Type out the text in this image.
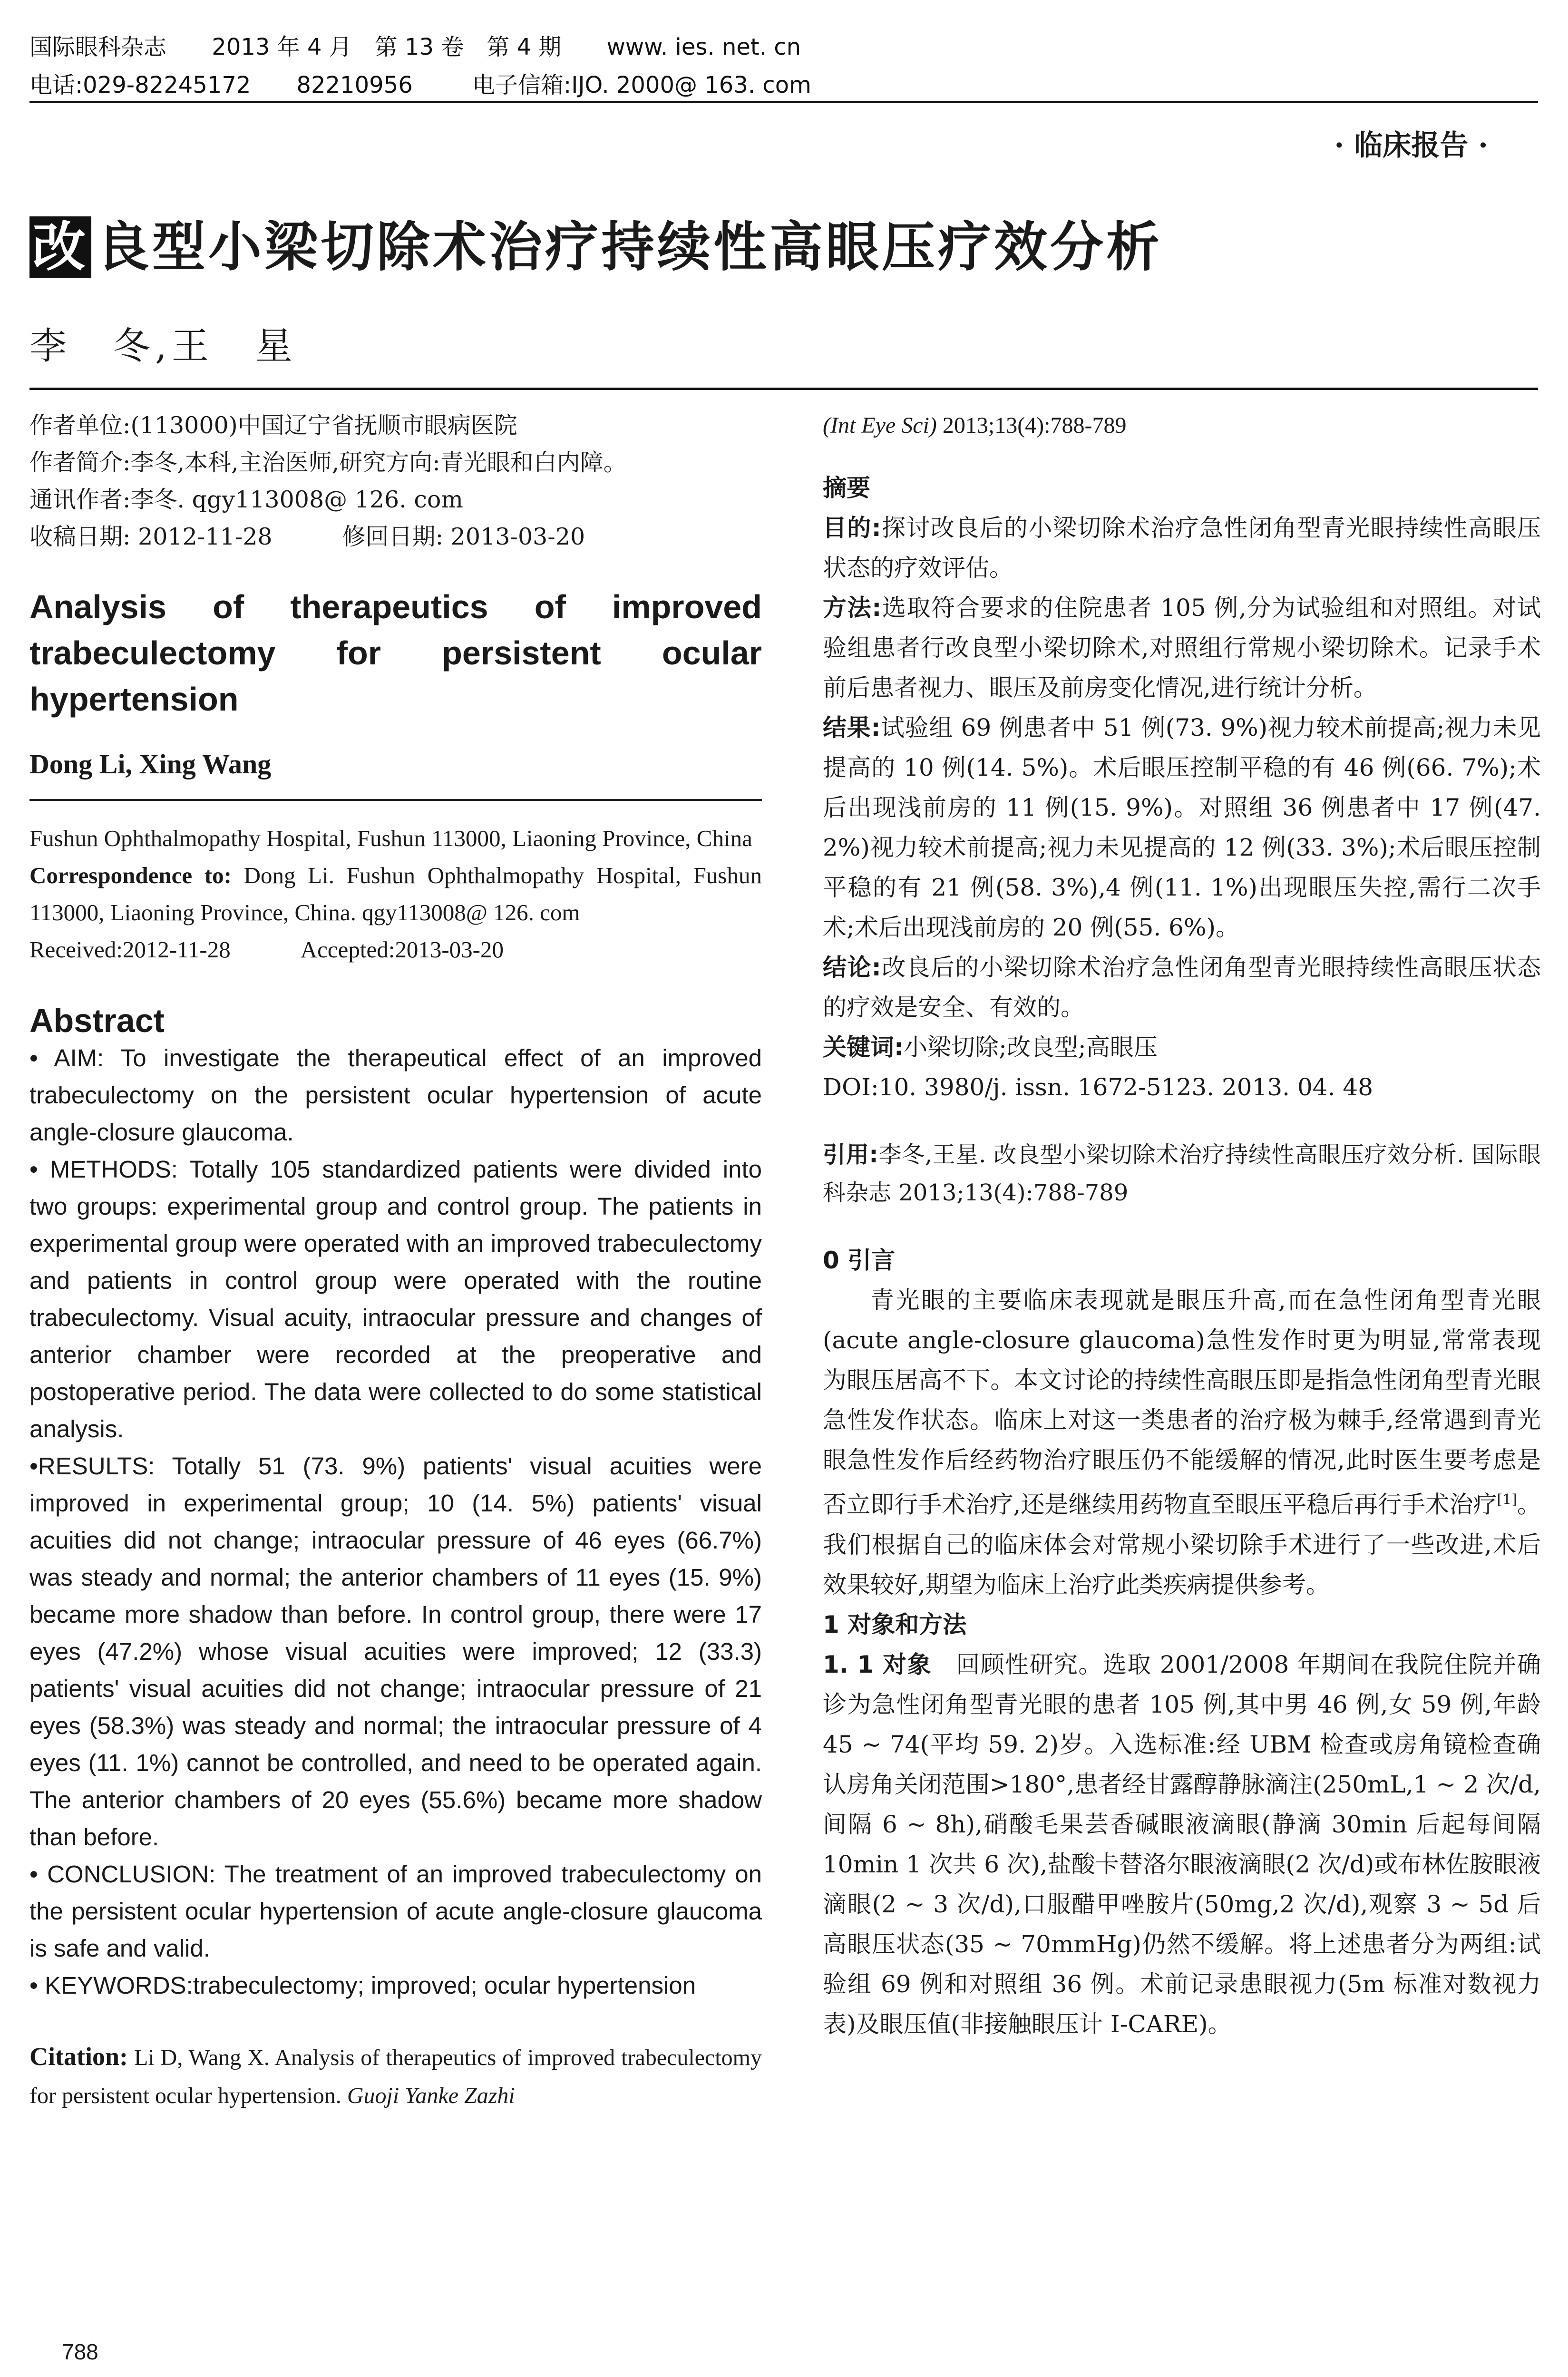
国际眼科杂志 2013 年 4 月　第 13 卷　第 4 期 www. ies. net. cn
电话:029-82245172　　82210956	电子信箱:IJO. 2000@ 163. com
· 临床报告 ·
改 良型小梁切除术治疗持续性高眼压疗效分析
李　冬,王　星

作者单位:(113000)中国辽宁省抚顺市眼病医院

作者简介:李冬,本科,主治医师,研究方向:青光眼和白内障。

通讯作者:李冬. qgy113008@ 126. com

收稿日期: 2012-11-28　　　修回日期: 2013-03-20

Analysis of therapeutics of improved trabeculectomy for persistent ocular hypertension

Dong Li, Xing Wang

Fushun Ophthalmopathy Hospital, Fushun 113000, Liaoning Province, China

Correspondence to: Dong Li. Fushun Ophthalmopathy Hospital, Fushun 113000, Liaoning Province, China. qgy113008@ 126. com

Received:2012-11-28　　　Accepted:2013-03-20

Abstract

• AIM: To investigate the therapeutical effect of an improved trabeculectomy on the persistent ocular hypertension of acute angle-closure glaucoma.

• METHODS: Totally 105 standardized patients were divided into two groups: experimental group and control group. The patients in experimental group were operated with an improved trabeculectomy and patients in control group were operated with the routine trabeculectomy. Visual acuity, intraocular pressure and changes of anterior chamber were recorded at the preoperative and postoperative period. The data were collected to do some statistical analysis.

•RESULTS: Totally 51 (73. 9%) patients' visual acuities were improved in experimental group; 10 (14. 5%) patients' visual acuities did not change; intraocular pressure of 46 eyes (66.7%) was steady and normal; the anterior chambers of 11 eyes (15. 9%) became more shadow than before. In control group, there were 17 eyes (47.2%) whose visual acuities were improved; 12 (33.3) patients' visual acuities did not change; intraocular pressure of 21 eyes (58.3%) was steady and normal; the intraocular pressure of 4 eyes (11. 1%) cannot be controlled, and need to be operated again. The anterior chambers of 20 eyes (55.6%) became more shadow than before.

• CONCLUSION: The treatment of an improved trabeculectomy on the persistent ocular hypertension of acute angle-closure glaucoma is safe and valid.

• KEYWORDS:trabeculectomy; improved; ocular hypertension

Citation: Li D, Wang X. Analysis of therapeutics of improved trabeculectomy for persistent ocular hypertension. Guoji Yanke Zazhi

(Int Eye Sci) 2013;13(4):788-789

摘要

目的:探讨改良后的小梁切除术治疗急性闭角型青光眼持续性高眼压状态的疗效评估。

方法:选取符合要求的住院患者 105 例,分为试验组和对照组。对试验组患者行改良型小梁切除术,对照组行常规小梁切除术。记录手术前后患者视力、眼压及前房变化情况,进行统计分析。

结果:试验组 69 例患者中 51 例(73. 9%)视力较术前提高;视力未见提高的 10 例(14. 5%)。术后眼压控制平稳的有 46 例(66. 7%);术后出现浅前房的 11 例(15. 9%)。对照组 36 例患者中 17 例(47. 2%)视力较术前提高;视力未见提高的 12 例(33. 3%);术后眼压控制平稳的有 21 例(58. 3%),4 例(11. 1%)出现眼压失控,需行二次手术;术后出现浅前房的 20 例(55. 6%)。

结论:改良后的小梁切除术治疗急性闭角型青光眼持续性高眼压状态的疗效是安全、有效的。

关键词:小梁切除;改良型;高眼压

DOI:10. 3980/j. issn. 1672-5123. 2013. 04. 48

引用:李冬,王星. 改良型小梁切除术治疗持续性高眼压疗效分析. 国际眼科杂志 2013;13(4):788-789

0 引言

青光眼的主要临床表现就是眼压升高,而在急性闭角型青光眼(acute angle-closure glaucoma)急性发作时更为明显,常常表现为眼压居高不下。本文讨论的持续性高眼压即是指急性闭角型青光眼急性发作状态。临床上对这一类患者的治疗极为棘手,经常遇到青光眼急性发作后经药物治疗眼压仍不能缓解的情况,此时医生要考虑是否立即行手术治疗,还是继续用药物直至眼压平稳后再行手术治疗[1]。我们根据自己的临床体会对常规小梁切除手术进行了一些改进,术后效果较好,期望为临床上治疗此类疾病提供参考。

1 对象和方法

1. 1 对象　回顾性研究。选取 2001/2008 年期间在我院住院并确诊为急性闭角型青光眼的患者 105 例,其中男 46 例,女 59 例,年龄 45 ~ 74(平均 59. 2)岁。入选标准:经 UBM 检查或房角镜检查确认房角关闭范围>180°,患者经甘露醇静脉滴注(250mL,1 ~ 2 次/d,间隔 6 ~ 8h),硝酸毛果芸香碱眼液滴眼(静滴 30min 后起每间隔 10min 1 次共 6 次),盐酸卡替洛尔眼液滴眼(2 次/d)或布林佐胺眼液滴眼(2 ~ 3 次/d),口服醋甲唑胺片(50mg,2 次/d),观察 3 ~ 5d 后高眼压状态(35 ~ 70mmHg)仍然不缓解。将上述患者分为两组:试验组 69 例和对照组 36 例。术前记录患眼视力(5m 标准对数视力表)及眼压值(非接触眼压计 I-CARE)。

788
